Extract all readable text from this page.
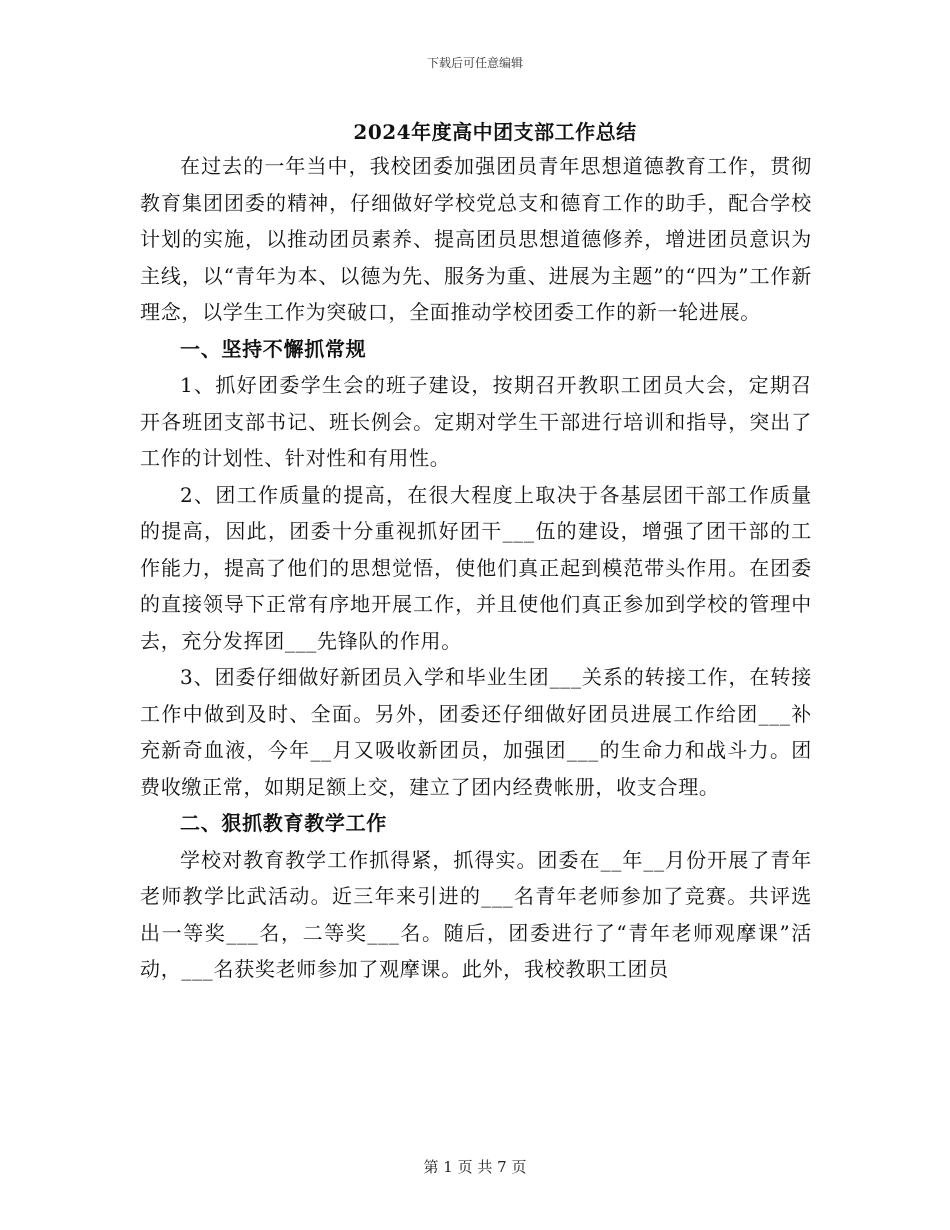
下载后可任意编辑
2024年度高中团支部工作总结

在过去的一年当中，我校团委加强团员青年思想道德教育工作，贯彻教育集团团委的精神，仔细做好学校党总支和德育工作的助手，配合学校计划的实施，以推动团员素养、提高团员思想道德修养，增进团员意识为主线，以“青年为本、以德为先、服务为重、进展为主题”的“四为”工作新理念，以学生工作为突破口，全面推动学校团委工作的新一轮进展。

一、坚持不懈抓常规

1、抓好团委学生会的班子建设，按期召开教职工团员大会，定期召开各班团支部书记、班长例会。定期对学生干部进行培训和指导，突出了工作的计划性、针对性和有用性。

2、团工作质量的提高，在很大程度上取决于各基层团干部工作质量的提高，因此，团委十分重视抓好团干___伍的建设，增强了团干部的工作能力，提高了他们的思想觉悟，使他们真正起到模范带头作用。在团委的直接领导下正常有序地开展工作，并且使他们真正参加到学校的管理中去，充分发挥团___先锋队的作用。

3、团委仔细做好新团员入学和毕业生团___关系的转接工作，在转接工作中做到及时、全面。另外，团委还仔细做好团员进展工作给团___补充新奇血液，今年__月又吸收新团员，加强团___的生命力和战斗力。团费收缴正常，如期足额上交，建立了团内经费帐册，收支合理。

二、狠抓教育教学工作

学校对教育教学工作抓得紧，抓得实。团委在__年__月份开展了青年老师教学比武活动。近三年来引进的___名青年老师参加了竞赛。共评选出一等奖___名，二等奖___名。随后，团委进行了“青年老师观摩课”活动，___名获奖老师参加了观摩课。此外，我校教职工团员

第 1 页 共 7 页
